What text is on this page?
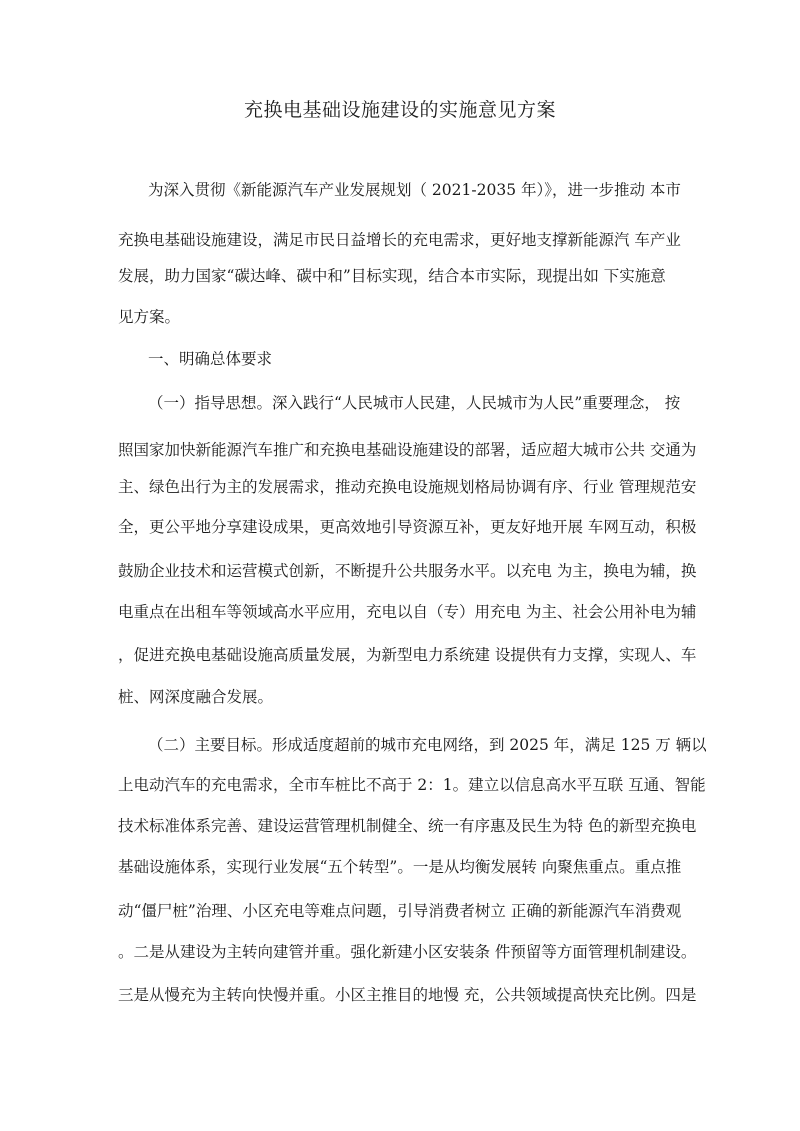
充换电基础设施建设的实施意见方案
为深入贯彻《新能源汽车产业发展规划（ 2021-2035 年）》，进一步推动 本市
充换电基础设施建设，满足市民日益增长的充电需求，更好地支撑新能源汽 车产业
发展，助力国家“碳达峰、碳中和”目标实现，结合本市实际，现提出如 下实施意
见方案。
一、明确总体要求
（一）指导思想。深入践行“人民城市人民建，人民城市为人民”重要理念， 按
照国家加快新能源汽车推广和充换电基础设施建设的部署，适应超大城市公共 交通为
主、绿色出行为主的发展需求，推动充换电设施规划格局协调有序、行业 管理规范安
全，更公平地分享建设成果，更高效地引导资源互补，更友好地开展 车网互动，积极
鼓励企业技术和运营模式创新，不断提升公共服务水平。以充电 为主，换电为辅，换
电重点在出租车等领域高水平应用，充电以自（专）用充电 为主、社会公用补电为辅
，促进充换电基础设施高质量发展，为新型电力系统建 设提供有力支撑，实现人、车
桩、网深度融合发展。
（二）主要目标。形成适度超前的城市充电网络，到 2025 年，满足 125 万 辆以
上电动汽车的充电需求，全市车桩比不高于 2：1。建立以信息高水平互联 互通、智能
技术标准体系完善、建设运营管理机制健全、统一有序惠及民生为特 色的新型充换电
基础设施体系，实现行业发展“五个转型”。一是从均衡发展转 向聚焦重点。重点推
动“僵尸桩”治理、小区充电等难点问题，引导消费者树立 正确的新能源汽车消费观
。二是从建设为主转向建管并重。强化新建小区安装条 件预留等方面管理机制建设。
三是从慢充为主转向快慢并重。小区主推目的地慢 充，公共领域提高快充比例。四是
